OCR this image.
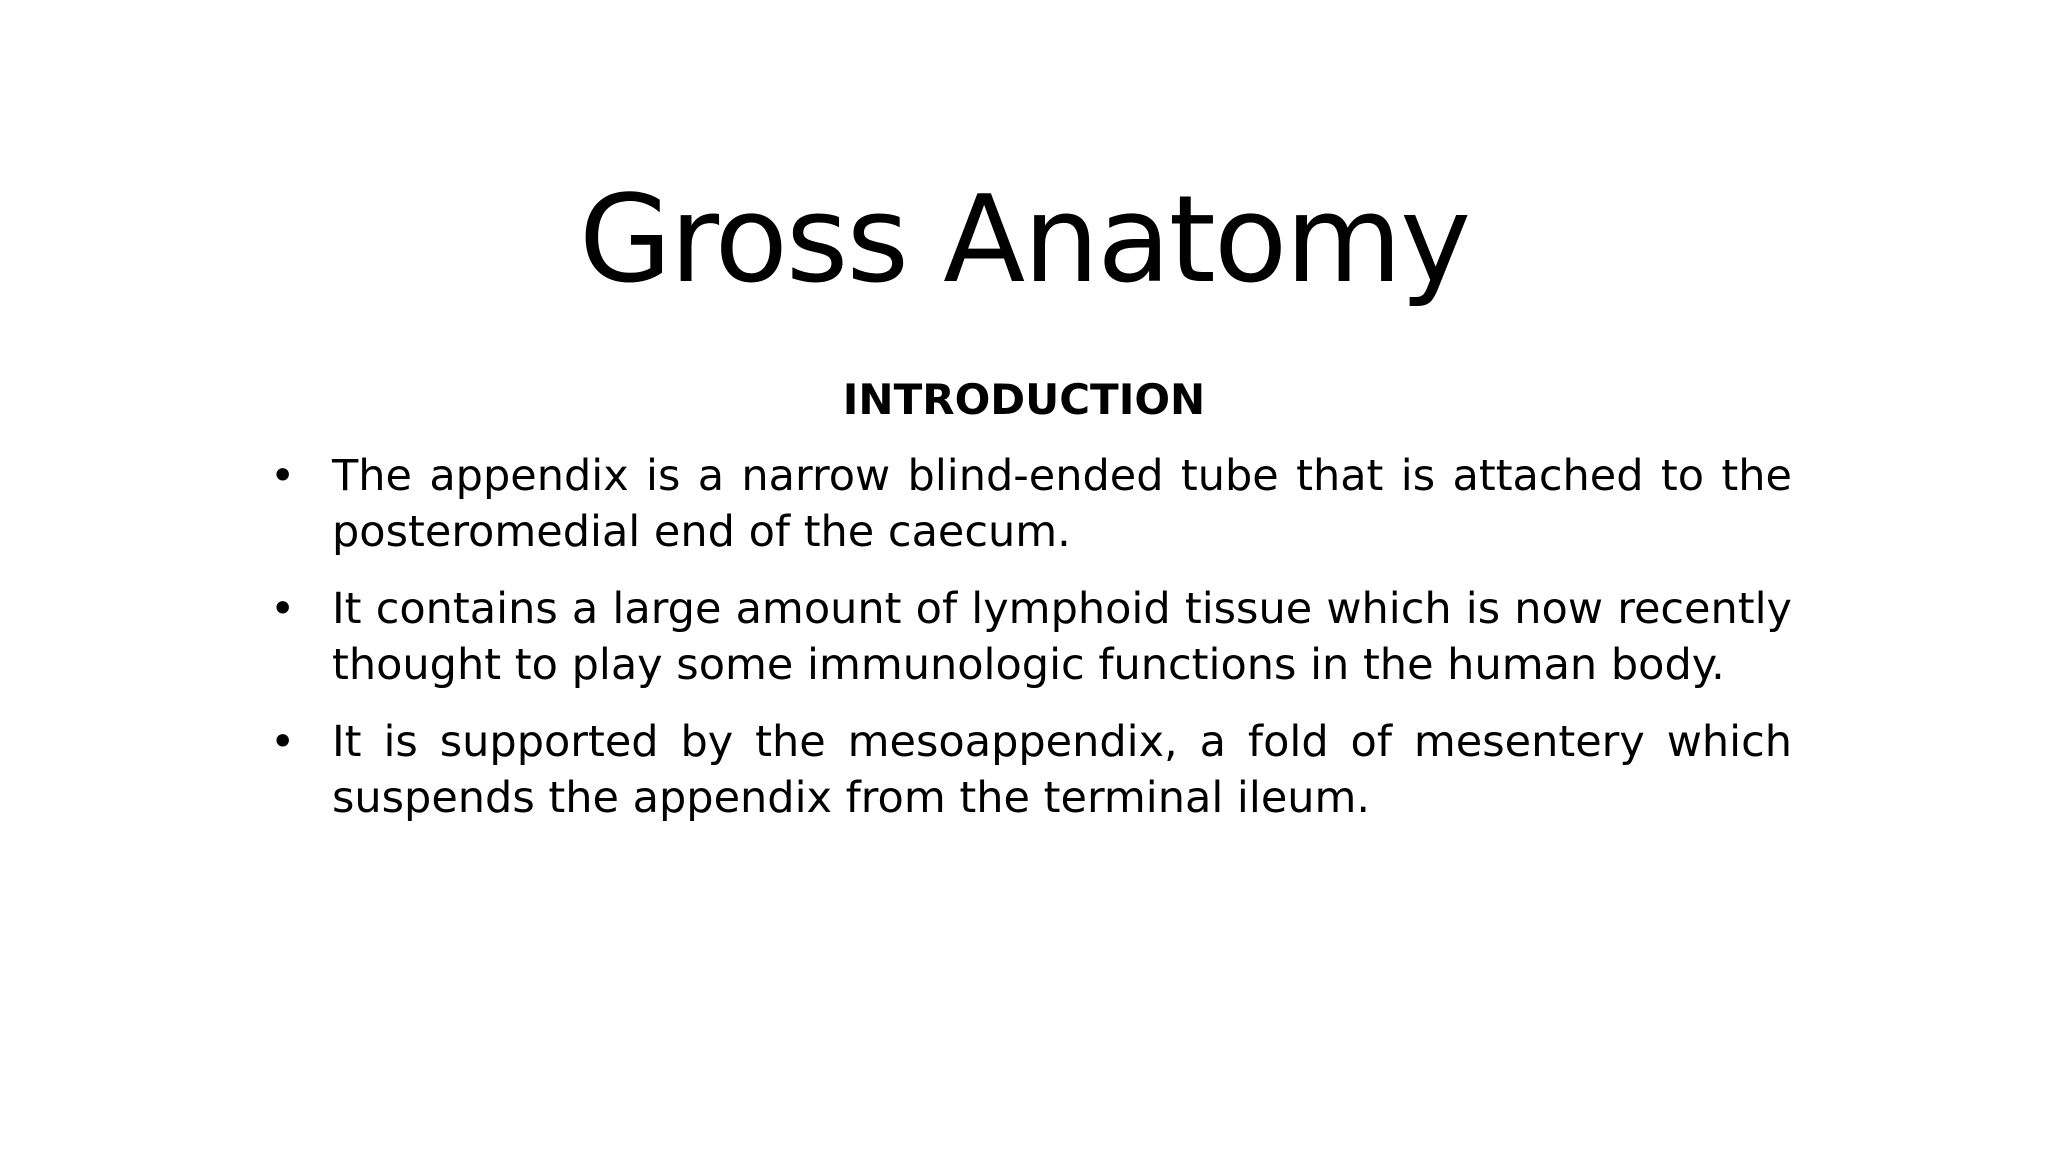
Gross Anatomy
INTRODUCTION
• The appendix is a narrow blind-ended tube that is attached to the posteromedial end of the caecum.
• It contains a large amount of lymphoid tissue which is now recently thought to play some immunologic functions in the human body.
• It is supported by the mesoappendix, a fold of mesentery which suspends the appendix from the terminal ileum.
